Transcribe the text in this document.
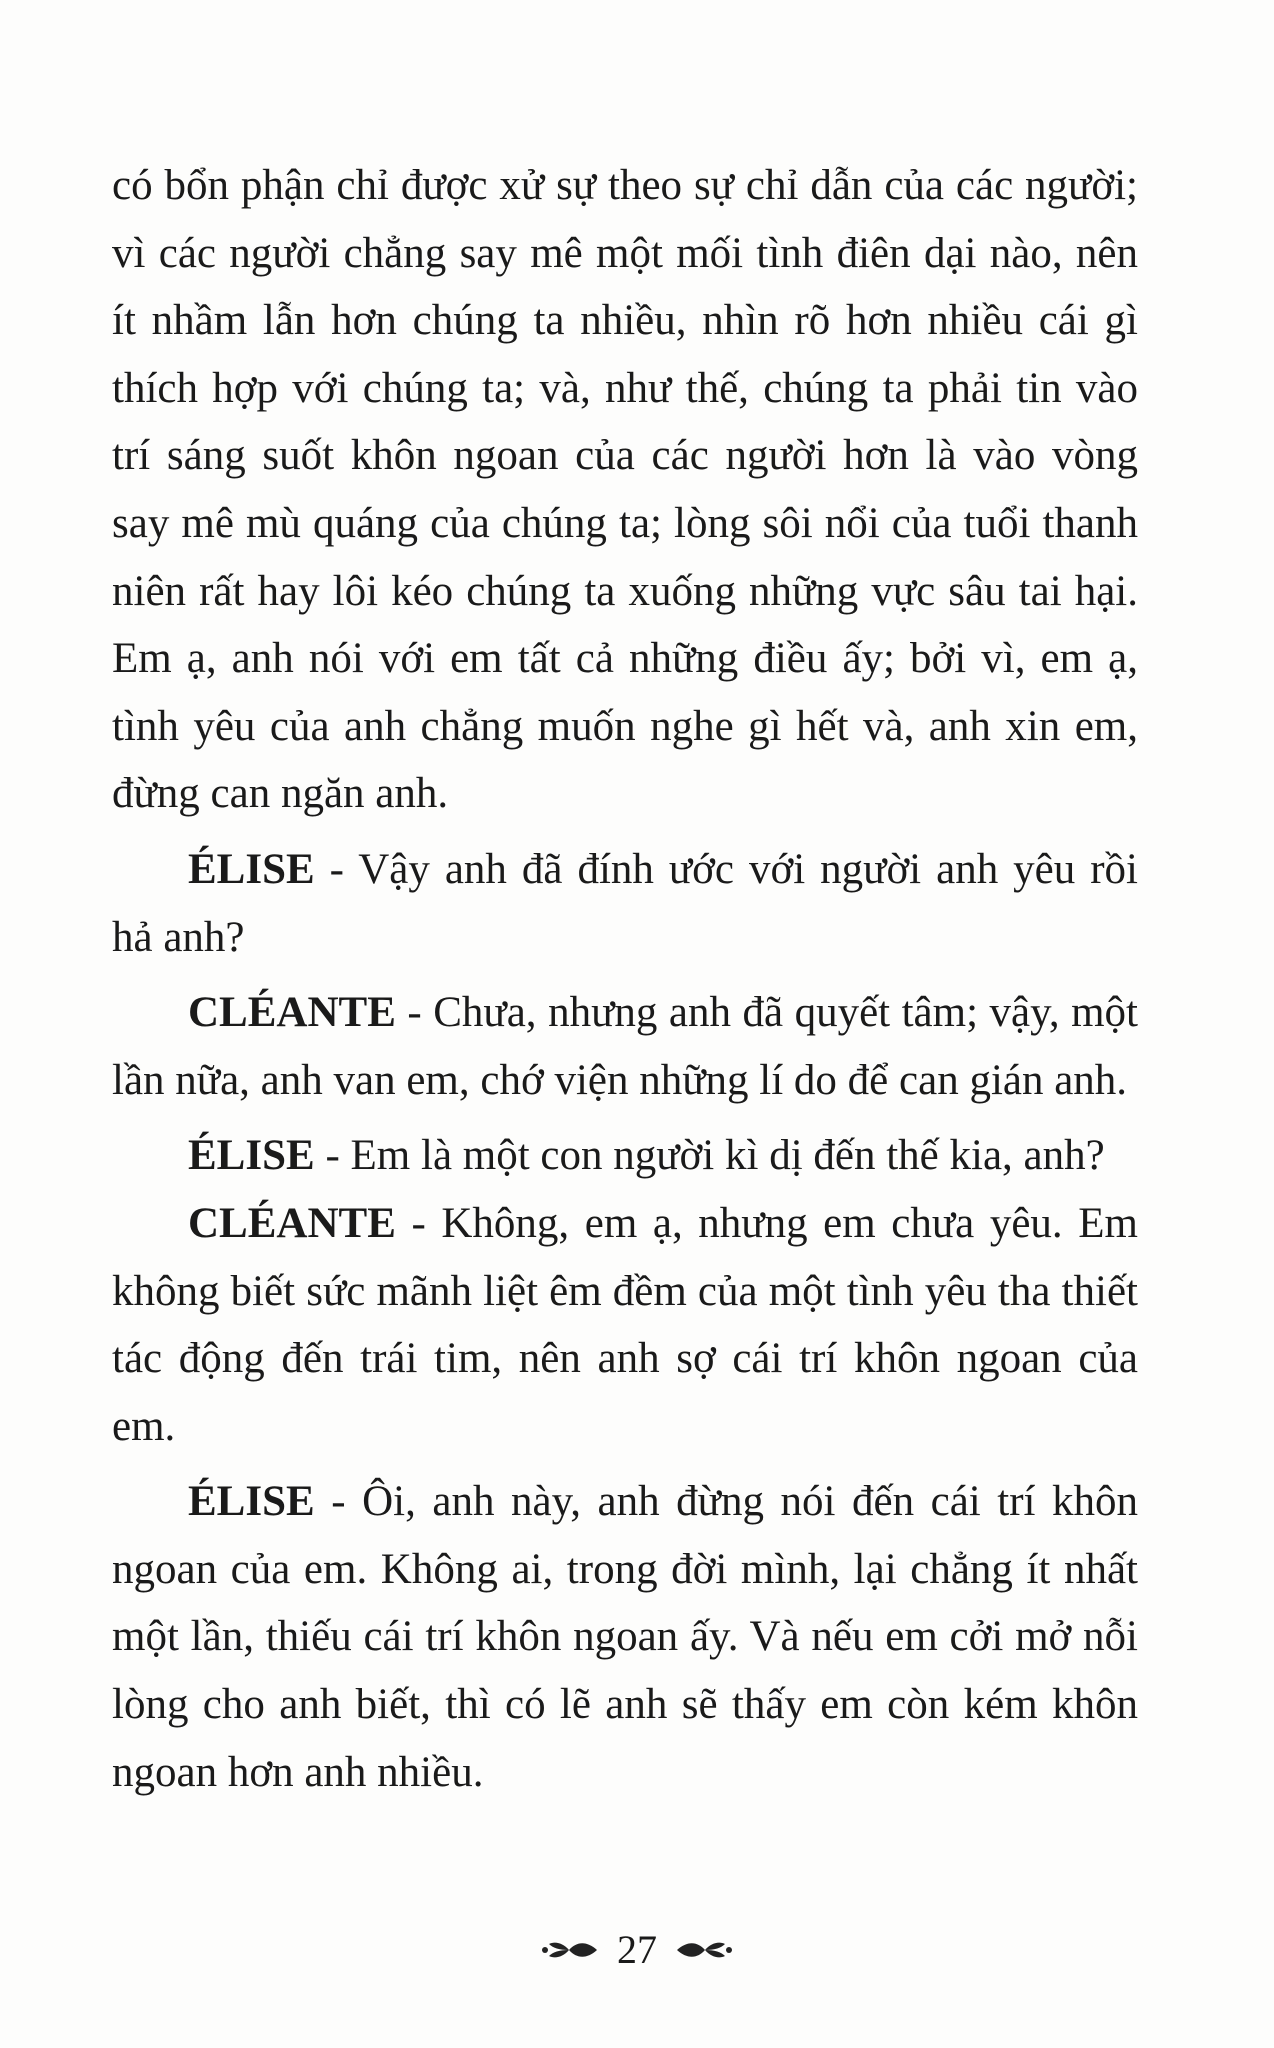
có bổn phận chỉ được xử sự theo sự chỉ dẫn của các người; vì các người chẳng say mê một mối tình điên dại nào, nên ít nhầm lẫn hơn chúng ta nhiều, nhìn rõ hơn nhiều cái gì thích hợp với chúng ta; và, như thế, chúng ta phải tin vào trí sáng suốt khôn ngoan của các người hơn là vào vòng say mê mù quáng của chúng ta; lòng sôi nổi của tuổi thanh niên rất hay lôi kéo chúng ta xuống những vực sâu tai hại. Em ạ, anh nói với em tất cả những điều ấy; bởi vì, em ạ, tình yêu của anh chẳng muốn nghe gì hết và, anh xin em, đừng can ngăn anh.

ÉLISE - Vậy anh đã đính ước với người anh yêu rồi hả anh?

CLÉANTE - Chưa, nhưng anh đã quyết tâm; vậy, một lần nữa, anh van em, chớ viện những lí do để can gián anh.

ÉLISE - Em là một con người kì dị đến thế kia, anh?

CLÉANTE - Không, em ạ, nhưng em chưa yêu. Em không biết sức mãnh liệt êm đềm của một tình yêu tha thiết tác động đến trái tim, nên anh sợ cái trí khôn ngoan của em.

ÉLISE - Ôi, anh này, anh đừng nói đến cái trí khôn ngoan của em. Không ai, trong đời mình, lại chẳng ít nhất một lần, thiếu cái trí khôn ngoan ấy. Và nếu em cởi mở nỗi lòng cho anh biết, thì có lẽ anh sẽ thấy em còn kém khôn ngoan hơn anh nhiều.

27
